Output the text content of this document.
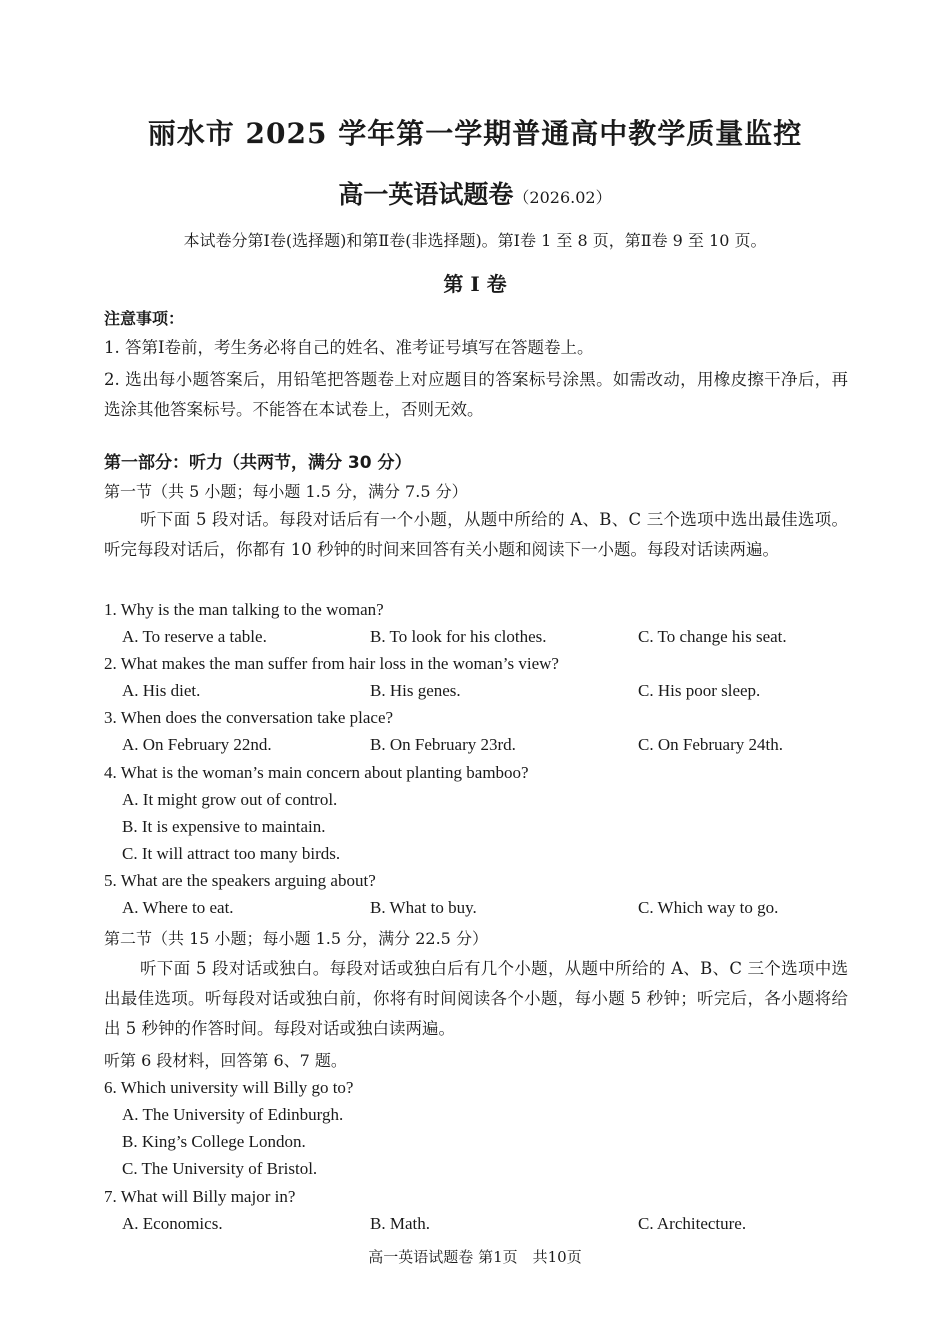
丽水市 2025 学年第一学期普通高中教学质量监控
高一英语试题卷（2026.02）
本试卷分第Ⅰ卷(选择题)和第Ⅱ卷(非选择题)。第Ⅰ卷 1 至 8 页，第Ⅱ卷 9 至 10 页。
第 I 卷
注意事项：
1. 答第Ⅰ卷前，考生务必将自己的姓名、准考证号填写在答题卷上。
2. 选出每小题答案后，用铅笔把答题卷上对应题目的答案标号涂黑。如需改动，用橡皮擦干净后，再选涂其他答案标号。不能答在本试卷上，否则无效。
第一部分：听力（共两节，满分 30 分）
第一节（共 5 小题；每小题 1.5 分，满分 7.5 分）
听下面 5 段对话。每段对话后有一个小题，从题中所给的 A、B、C 三个选项中选出最佳选项。听完每段对话后，你都有 10 秒钟的时间来回答有关小题和阅读下一小题。每段对话读两遍。
1. Why is the man talking to the woman?
A. To reserve a table.	B. To look for his clothes.	C. To change his seat.
2. What makes the man suffer from hair loss in the woman’s view?
A. His diet.	B. His genes.	C. His poor sleep.
3. When does the conversation take place?
A. On February 22nd.	B. On February 23rd.	C. On February 24th.
4. What is the woman’s main concern about planting bamboo?
A. It might grow out of control.
B. It is expensive to maintain.
C. It will attract too many birds.
5. What are the speakers arguing about?
A. Where to eat.	B. What to buy.	C. Which way to go.
第二节（共 15 小题；每小题 1.5 分，满分 22.5 分）
听下面 5 段对话或独白。每段对话或独白后有几个小题，从题中所给的 A、B、C 三个选项中选出最佳选项。听每段对话或独白前，你将有时间阅读各个小题，每小题 5 秒钟；听完后，各小题将给出 5 秒钟的作答时间。每段对话或独白读两遍。
听第 6 段材料，回答第 6、7 题。
6. Which university will Billy go to?
A. The University of Edinburgh.
B. King’s College London.
C. The University of Bristol.
7. What will Billy major in?
A. Economics.	B. Math.	C. Architecture.
高一英语试题卷 第1页　共10页
